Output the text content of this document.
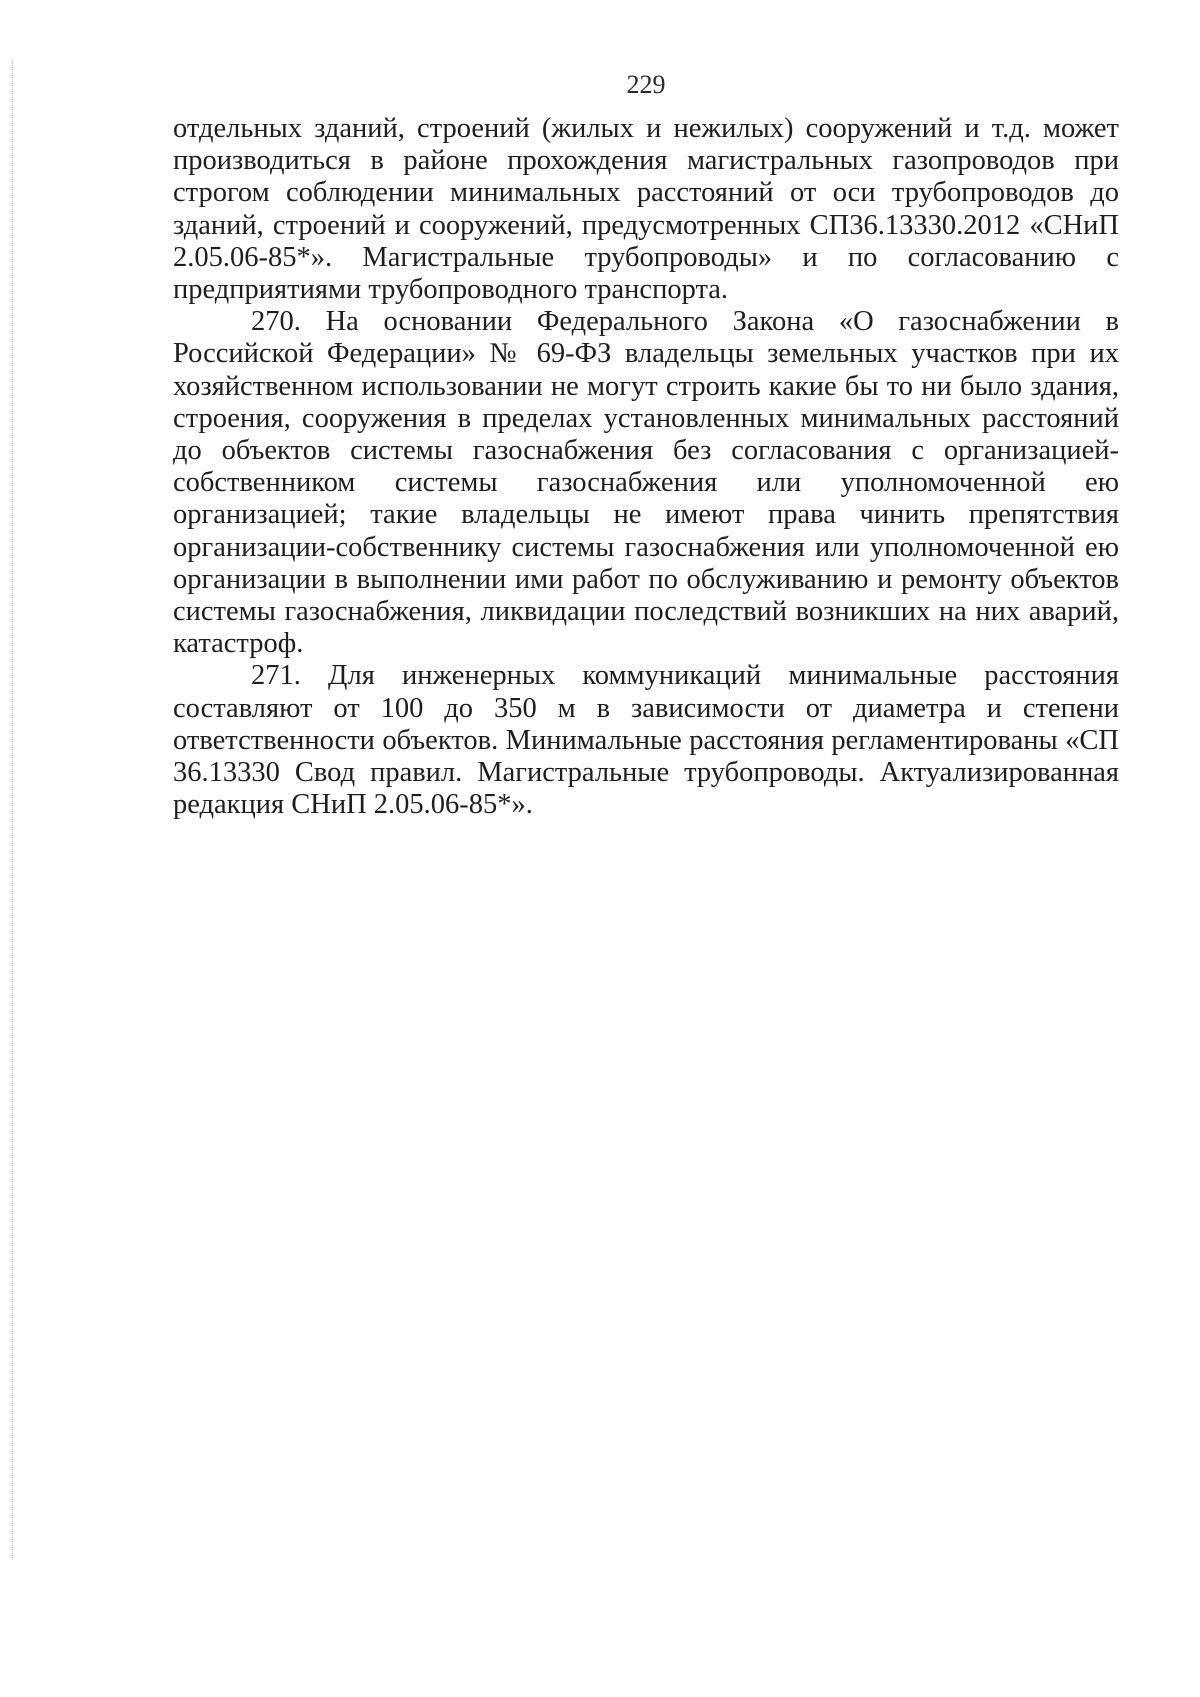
229

отдельных зданий, строений (жилых и нежилых) сооружений и т.д. может производиться в районе прохождения магистральных газопроводов при строгом соблюдении минимальных расстояний от оси трубопроводов до зданий, строений и сооружений, предусмотренных СП36.13330.2012 «СНиП 2.05.06-85*». Магистральные трубопроводы» и по согласованию с предприятиями трубопроводного транспорта.

270. На основании Федерального Закона «О газоснабжении в Российской Федерации» № 69-ФЗ владельцы земельных участков при их хозяйственном использовании не могут строить какие бы то ни было здания, строения, сооружения в пределах установленных минимальных расстояний до объектов системы газоснабжения без согласования с организацией-собственником системы газоснабжения или уполномоченной ею организацией; такие владельцы не имеют права чинить препятствия организации-собственнику системы газоснабжения или уполномоченной ею организации в выполнении ими работ по обслуживанию и ремонту объектов системы газоснабжения, ликвидации последствий возникших на них аварий, катастроф.

271. Для инженерных коммуникаций минимальные расстояния составляют от 100 до 350 м в зависимости от диаметра и степени ответственности объектов. Минимальные расстояния регламентированы «СП 36.13330 Свод правил. Магистральные трубопроводы. Актуализированная редакция СНиП 2.05.06-85*».
